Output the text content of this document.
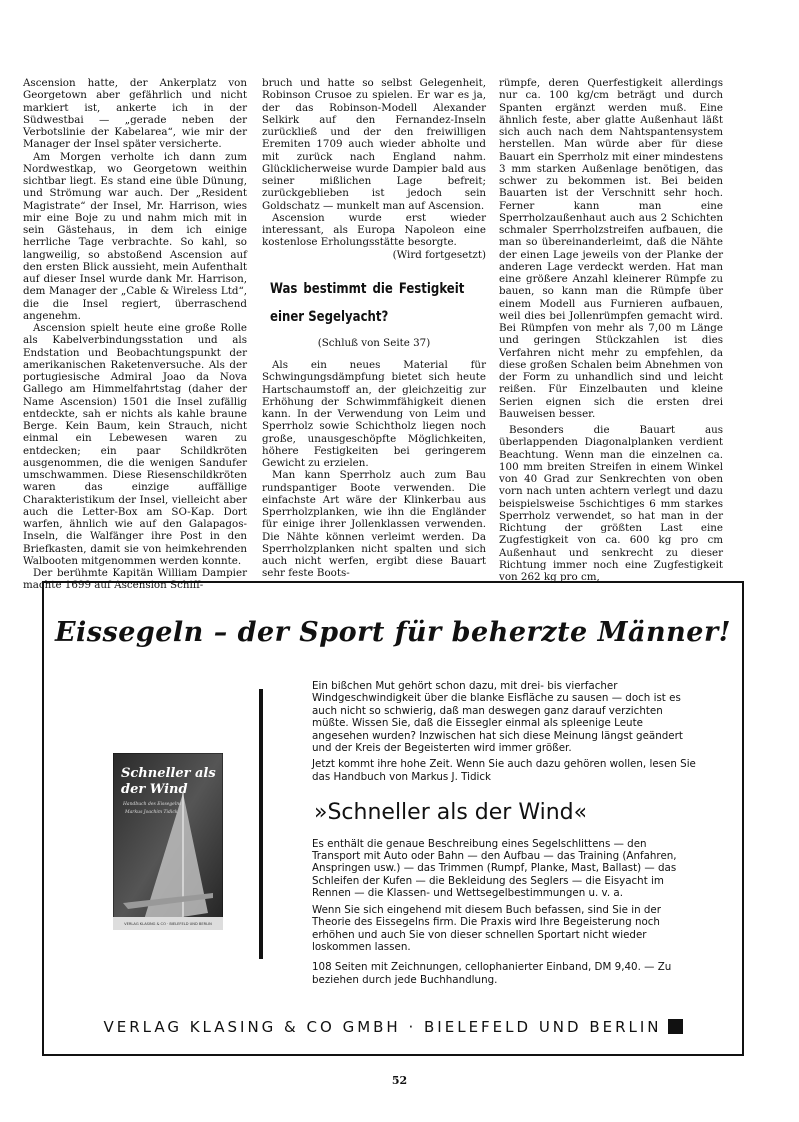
Ascension hatte, der Ankerplatz von Georgetown aber gefährlich und nicht markiert ist, ankerte ich in der Südwestbai — „gerade neben der Verbotslinie der Kabelarea“, wie mir der Manager der Insel später versicherte.

Am Morgen verholte ich dann zum Nordwestkap, wo Georgetown weithin sichtbar liegt. Es stand eine üble Dünung, und Strömung war auch. Der „Resident Magistrate“ der Insel, Mr. Harrison, wies mir eine Boje zu und nahm mich mit in sein Gästehaus, in dem ich einige herrliche Tage verbrachte. So kahl, so langweilig, so abstoßend Ascension auf den ersten Blick aussieht, mein Aufenthalt auf dieser Insel wurde dank Mr. Harrison, dem Manager der „Cable & Wireless Ltd“, die die Insel regiert, überraschend angenehm.

Ascension spielt heute eine große Rolle als Kabelverbindungsstation und als Endstation und Beobachtungspunkt der amerikanischen Raketenversuche. Als der portugiesische Admiral Joao da Nova Gallego am Himmelfahrtstag (daher der Name Ascension) 1501 die Insel zufällig entdeckte, sah er nichts als kahle braune Berge. Kein Baum, kein Strauch, nicht einmal ein Lebewesen waren zu entdecken; ein paar Schildkröten ausgenommen, die die wenigen Sandufer umschwammen. Diese Riesenschildkröten waren das einzige auffällige Charakteristikum der Insel, vielleicht aber auch die Letter-Box am SO-Kap. Dort warfen, ähnlich wie auf den Galapagos-Inseln, die Walfänger ihre Post in den Briefkasten, damit sie von heimkehrenden Walbooten mitgenommen werden konnte.

Der berühmte Kapitän William Dampier machte 1699 auf Ascension Schiff-

bruch und hatte so selbst Gelegenheit, Robinson Crusoe zu spielen. Er war es ja, der das Robinson-Modell Alexander Selkirk auf den Fernandez-Inseln zurückließ und der den freiwilligen Eremiten 1709 auch wieder abholte und mit zurück nach England nahm. Glücklicherweise wurde Dampier bald aus seiner mißlichen Lage befreit; zurückgeblieben ist jedoch sein Goldschatz — munkelt man auf Ascension.

Ascension wurde erst wieder interessant, als Europa Napoleon eine kostenlose Erholungsstätte besorgte.

(Wird fortgesetzt)

Was bestimmt die Festigkeit einer Segelyacht?

(Schluß von Seite 37)

Als ein neues Material für Schwingungsdämpfung bietet sich heute Hartschaumstoff an, der gleichzeitig zur Erhöhung der Schwimmfähigkeit dienen kann. In der Verwendung von Leim und Sperrholz sowie Schichtholz liegen noch große, unausgeschöpfte Möglichkeiten, höhere Festigkeiten bei geringerem Gewicht zu erzielen.

Man kann Sperrholz auch zum Bau rundspantiger Boote verwenden. Die einfachste Art wäre der Klinkerbau aus Sperrholzplanken, wie ihn die Engländer für einige ihrer Jollenklassen verwenden. Die Nähte können verleimt werden. Da Sperrholzplanken nicht spalten und sich auch nicht werfen, ergibt diese Bauart sehr feste Boots-

rümpfe, deren Querfestigkeit allerdings nur ca. 100 kg/cm beträgt und durch Spanten ergänzt werden muß. Eine ähnlich feste, aber glatte Außenhaut läßt sich auch nach dem Nahtspantensystem herstellen. Man würde aber für diese Bauart ein Sperrholz mit einer mindestens 3 mm starken Außenlage benötigen, das schwer zu bekommen ist. Bei beiden Bauarten ist der Verschnitt sehr hoch. Ferner kann man eine Sperrholzaußenhaut auch aus 2 Schichten schmaler Sperrholzstreifen aufbauen, die man so übereinanderleimt, daß die Nähte der einen Lage jeweils von der Planke der anderen Lage verdeckt werden. Hat man eine größere Anzahl kleinerer Rümpfe zu bauen, so kann man die Rümpfe über einem Modell aus Furnieren aufbauen, weil dies bei Jollenrümpfen gemacht wird. Bei Rümpfen von mehr als 7,00 m Länge und geringen Stückzahlen ist dies Verfahren nicht mehr zu empfehlen, da diese großen Schalen beim Abnehmen von der Form zu unhandlich sind und leicht reißen. Für Einzelbauten und kleine Serien eignen sich die ersten drei Bauweisen besser.

Besonders die Bauart aus überlappenden Diagonalplanken verdient Beachtung. Wenn man die einzelnen ca. 100 mm breiten Streifen in einem Winkel von 40 Grad zur Senkrechten von oben vorn nach unten achtern verlegt und dazu beispielsweise 5schichtiges 6 mm starkes Sperrholz verwendet, so hat man in der Richtung der größten Last eine Zugfestigkeit von ca. 600 kg pro cm Außenhaut und senkrecht zu dieser Richtung immer noch eine Zugfestigkeit von 262 kg pro cm,

Eissegeln – der Sport für beherzte Männer!
Schneller als
der Wind
Handbuch des Eissegelns
Markus Joachim Tidick
VERLAG KLASING & CO · BIELEFELD UND BERLIN

Ein bißchen Mut gehört schon dazu, mit drei- bis vierfacher Windgeschwindigkeit über die blanke Eisfläche zu sausen — doch ist es auch nicht so schwierig, daß man deswegen ganz darauf verzichten müßte. Wissen Sie, daß die Eissegler einmal als spleenige Leute angesehen wurden? Inzwischen hat sich diese Meinung längst geändert und der Kreis der Begeisterten wird immer größer.

Jetzt kommt ihre hohe Zeit. Wenn Sie auch dazu gehören wollen, lesen Sie das Handbuch von Markus J. Tidick

»Schneller als der Wind«

Es enthält die genaue Beschreibung eines Segelschlittens — den Transport mit Auto oder Bahn — den Aufbau — das Training (Anfahren, Anspringen usw.) — das Trimmen (Rumpf, Planke, Mast, Ballast) — das Schleifen der Kufen — die Bekleidung des Seglers — die Eisyacht im Rennen — die Klassen- und Wettsegelbestimmungen u. v. a.

Wenn Sie sich eingehend mit diesem Buch befassen, sind Sie in der Theorie des Eissegelns firm. Die Praxis wird Ihre Begeisterung noch erhöhen und auch Sie von dieser schnellen Sportart nicht wieder loskommen lassen.

108 Seiten mit Zeichnungen, cellophanierter Einband, DM 9,40. — Zu beziehen durch jede Buchhandlung.

VERLAG KLASING & CO GMBH · BIELEFELD UND BERLIN
52
